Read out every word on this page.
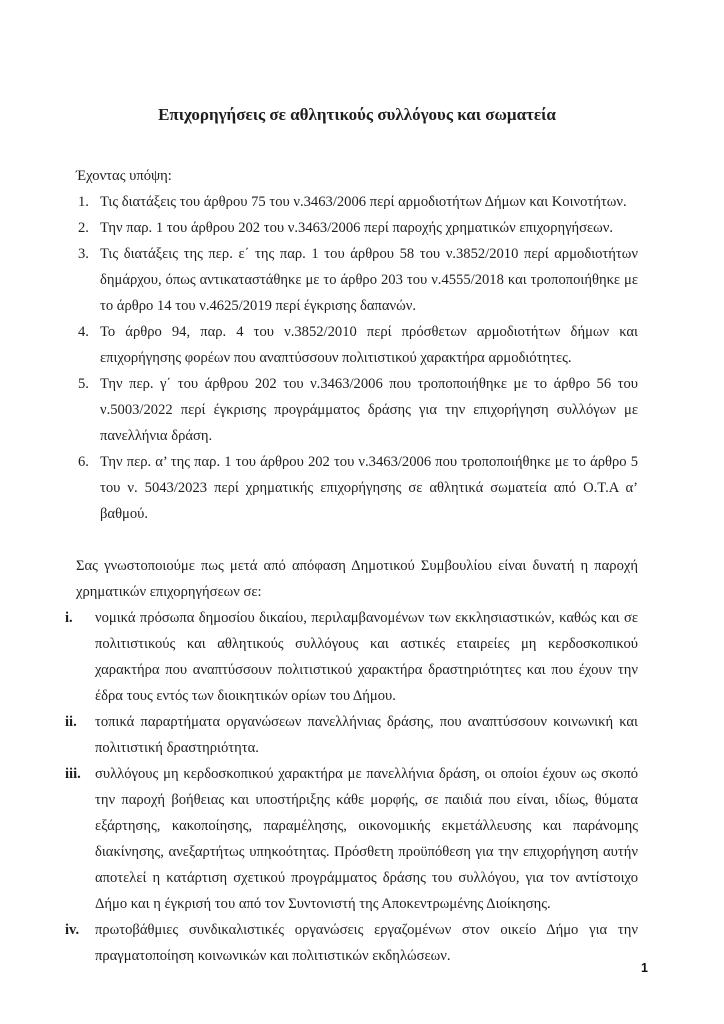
Επιχορηγήσεις σε αθλητικούς συλλόγους και σωματεία

Έχοντας υπόψη:

1. Τις διατάξεις του άρθρου 75 του ν.3463/2006 περί αρμοδιοτήτων Δήμων και Κοινοτήτων.
2. Την παρ. 1 του άρθρου 202 του ν.3463/2006 περί παροχής χρηματικών επιχορηγήσεων.
3. Τις διατάξεις της περ. ε΄ της παρ. 1 του άρθρου 58 του ν.3852/2010 περί αρμοδιοτήτων δημάρχου, όπως αντικαταστάθηκε με το άρθρο 203 του ν.4555/2018 και τροποποιήθηκε με το άρθρο 14 του ν.4625/2019 περί έγκρισης δαπανών.
4. Το άρθρο 94, παρ. 4 του ν.3852/2010 περί πρόσθετων αρμοδιοτήτων δήμων και επιχορήγησης φορέων που αναπτύσσουν πολιτιστικού χαρακτήρα αρμοδιότητες.
5. Την περ. γ΄ του άρθρου 202 του ν.3463/2006 που τροποποιήθηκε με το άρθρο 56 του ν.5003/2022 περί έγκρισης προγράμματος δράσης για την επιχορήγηση συλλόγων με πανελλήνια δράση.
6. Την περ. α’ της παρ. 1 του άρθρου 202 του ν.3463/2006 που τροποποιήθηκε με το άρθρο 5 του ν. 5043/2023 περί χρηματικής επιχορήγησης σε αθλητικά σωματεία από Ο.Τ.Α α’ βαθμού.

Σας γνωστοποιούμε πως μετά από απόφαση Δημοτικού Συμβουλίου είναι δυνατή η παροχή χρηματικών επιχορηγήσεων σε:

i. νομικά πρόσωπα δημοσίου δικαίου, περιλαμβανομένων των εκκλησιαστικών, καθώς και σε πολιτιστικούς και αθλητικούς συλλόγους και αστικές εταιρείες μη κερδοσκοπικού χαρακτήρα που αναπτύσσουν πολιτιστικού χαρακτήρα δραστηριότητες και που έχουν την έδρα τους εντός των διοικητικών ορίων του Δήμου.
ii. τοπικά παραρτήματα οργανώσεων πανελλήνιας δράσης, που αναπτύσσουν κοινωνική και πολιτιστική δραστηριότητα.
iii. συλλόγους μη κερδοσκοπικού χαρακτήρα με πανελλήνια δράση, οι οποίοι έχουν ως σκοπό την παροχή βοήθειας και υποστήριξης κάθε μορφής, σε παιδιά που είναι, ιδίως, θύματα εξάρτησης, κακοποίησης, παραμέλησης, οικονομικής εκμετάλλευσης και παράνομης διακίνησης, ανεξαρτήτως υπηκοότητας. Πρόσθετη προϋπόθεση για την επιχορήγηση αυτήν αποτελεί η κατάρτιση σχετικού προγράμματος δράσης του συλλόγου, για τον αντίστοιχο Δήμο και η έγκρισή του από τον Συντονιστή της Αποκεντρωμένης Διοίκησης.
iv. πρωτοβάθμιες συνδικαλιστικές οργανώσεις εργαζομένων στον οικείο Δήμο για την πραγματοποίηση κοινωνικών και πολιτιστικών εκδηλώσεων.
1
